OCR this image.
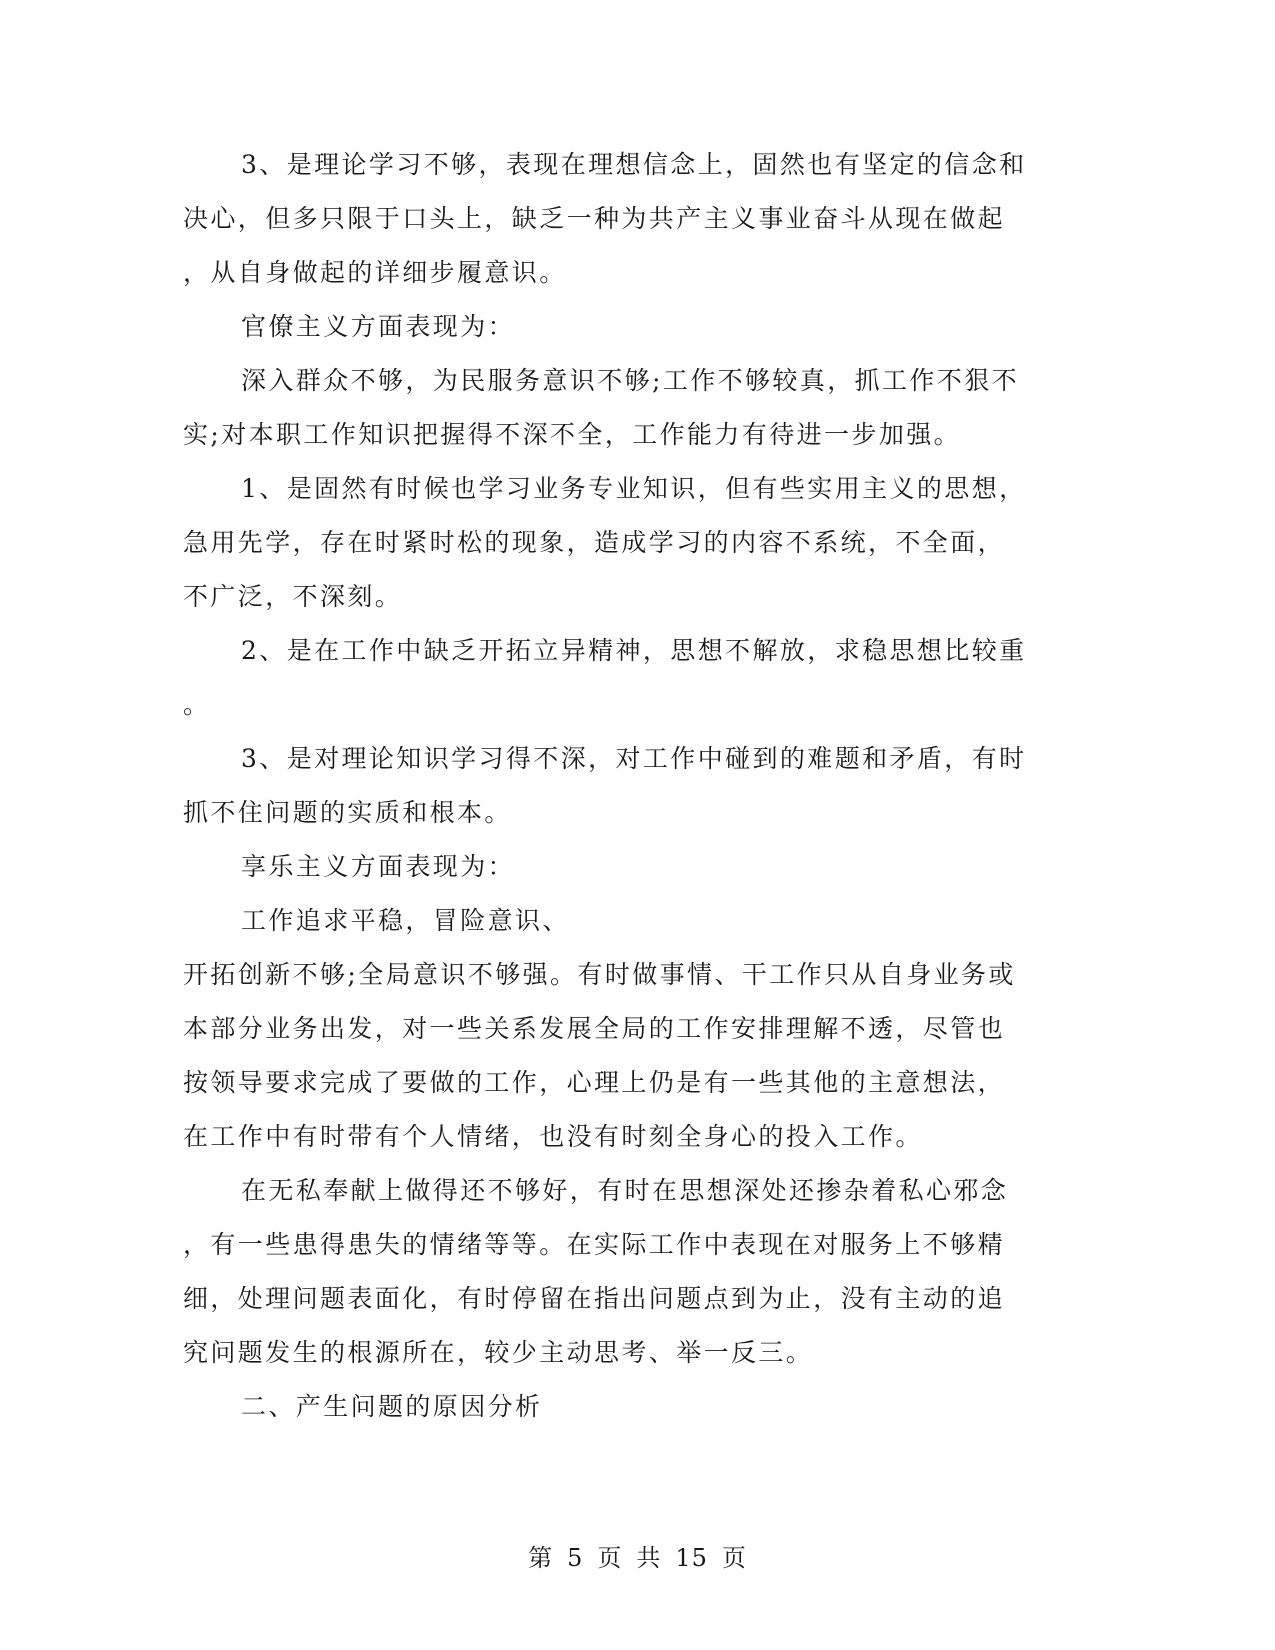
3、是理论学习不够，表现在理想信念上，固然也有坚定的信念和
决心，但多只限于口头上，缺乏一种为共产主义事业奋斗从现在做起
，从自身做起的详细步履意识。
官僚主义方面表现为：
深入群众不够，为民服务意识不够;工作不够较真，抓工作不狠不
实;对本职工作知识把握得不深不全，工作能力有待进一步加强。
1、是固然有时候也学习业务专业知识，但有些实用主义的思想，
急用先学，存在时紧时松的现象，造成学习的内容不系统，不全面，
不广泛，不深刻。
2、是在工作中缺乏开拓立异精神，思想不解放，求稳思想比较重
。
3、是对理论知识学习得不深，对工作中碰到的难题和矛盾，有时
抓不住问题的实质和根本。
享乐主义方面表现为：
工作追求平稳，冒险意识、
开拓创新不够;全局意识不够强。有时做事情、干工作只从自身业务或
本部分业务出发，对一些关系发展全局的工作安排理解不透，尽管也
按领导要求完成了要做的工作，心理上仍是有一些其他的主意想法，
在工作中有时带有个人情绪，也没有时刻全身心的投入工作。
在无私奉献上做得还不够好，有时在思想深处还掺杂着私心邪念
，有一些患得患失的情绪等等。在实际工作中表现在对服务上不够精
细，处理问题表面化，有时停留在指出问题点到为止，没有主动的追
究问题发生的根源所在，较少主动思考、举一反三。
二、产生问题的原因分析
第 5 页 共 15 页
